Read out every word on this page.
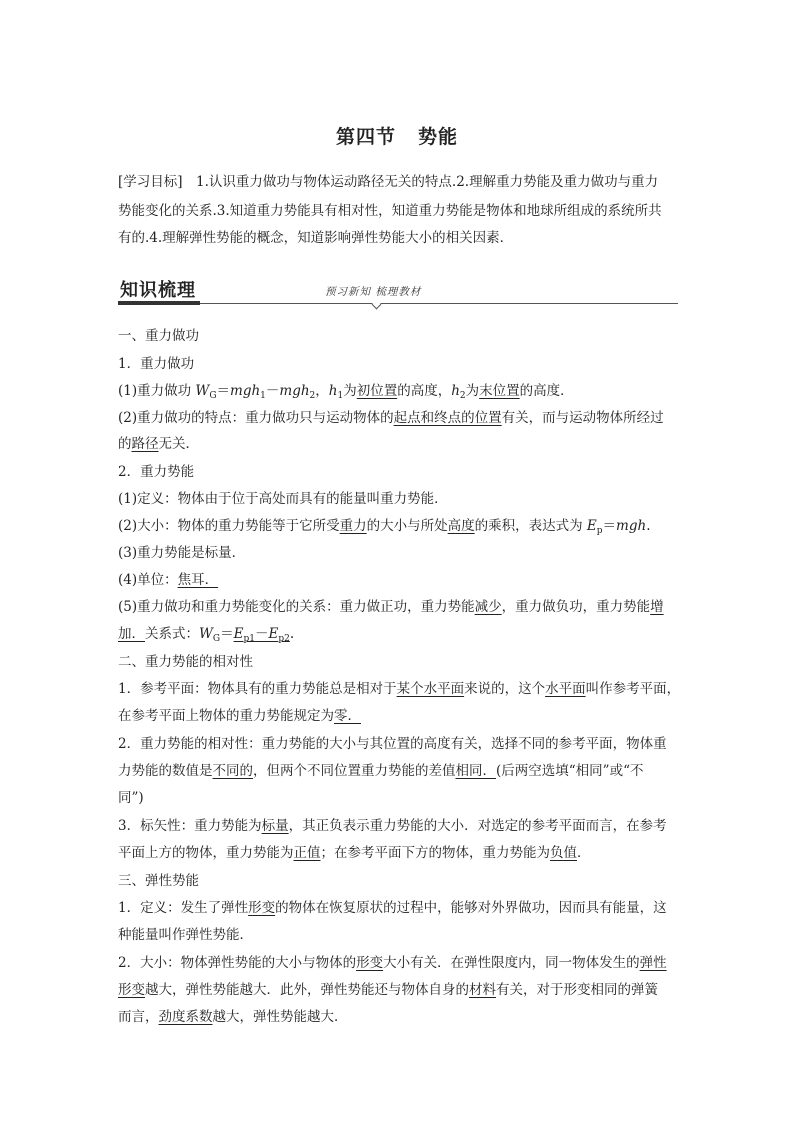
第四节 势能
[学习目标]　 1.认识重力做功与物体运动路径无关的特点.2.理解重力势能及重力做功与重力
势能变化的关系.3.知道重力势能具有相对性，知道重力势能是物体和地球所组成的系统所共
有的.4.理解弹性势能的概念，知道影响弹性势能大小的相关因素．
知识梳理	预习新知 梳理教材
一、重力做功
1．重力做功
(1)重力做功 $W_G=mgh_1-mgh_2$，$h_1$为初位置的高度，$h_2$为末位置的高度．
(2)重力做功的特点：重力做功只与运动物体的起点和终点的位置有关，而与运动物体所经过
的路径无关．
2．重力势能
(1)定义：物体由于位于高处而具有的能量叫重力势能．
(2)大小：物体的重力势能等于它所受重力的大小与所处高度的乘积，表达式为 $E_p=mgh$.
(3)重力势能是标量．
(4)单位：焦耳．
(5)重力做功和重力势能变化的关系：重力做正功，重力势能减少，重力做负功，重力势能增
加．关系式：$W_G=E_{p1}-E_{p2}$.
二、重力势能的相对性
1．参考平面：物体具有的重力势能总是相对于某个水平面来说的，这个水平面叫作参考平面，
在参考平面上物体的重力势能规定为零．
2．重力势能的相对性：重力势能的大小与其位置的高度有关，选择不同的参考平面，物体重
力势能的数值是不同的，但两个不同位置重力势能的差值相同．(后两空选填“相同”或“不
同”)
3．标矢性：重力势能为标量，其正负表示重力势能的大小．对选定的参考平面而言，在参考
平面上方的物体，重力势能为正值；在参考平面下方的物体，重力势能为负值．
三、弹性势能
1．定义：发生了弹性形变的物体在恢复原状的过程中，能够对外界做功，因而具有能量，这
种能量叫作弹性势能．
2．大小：物体弹性势能的大小与物体的形变大小有关．在弹性限度内，同一物体发生的弹性
形变越大，弹性势能越大．此外，弹性势能还与物体自身的材料有关，对于形变相同的弹簧
而言，劲度系数越大，弹性势能越大．
